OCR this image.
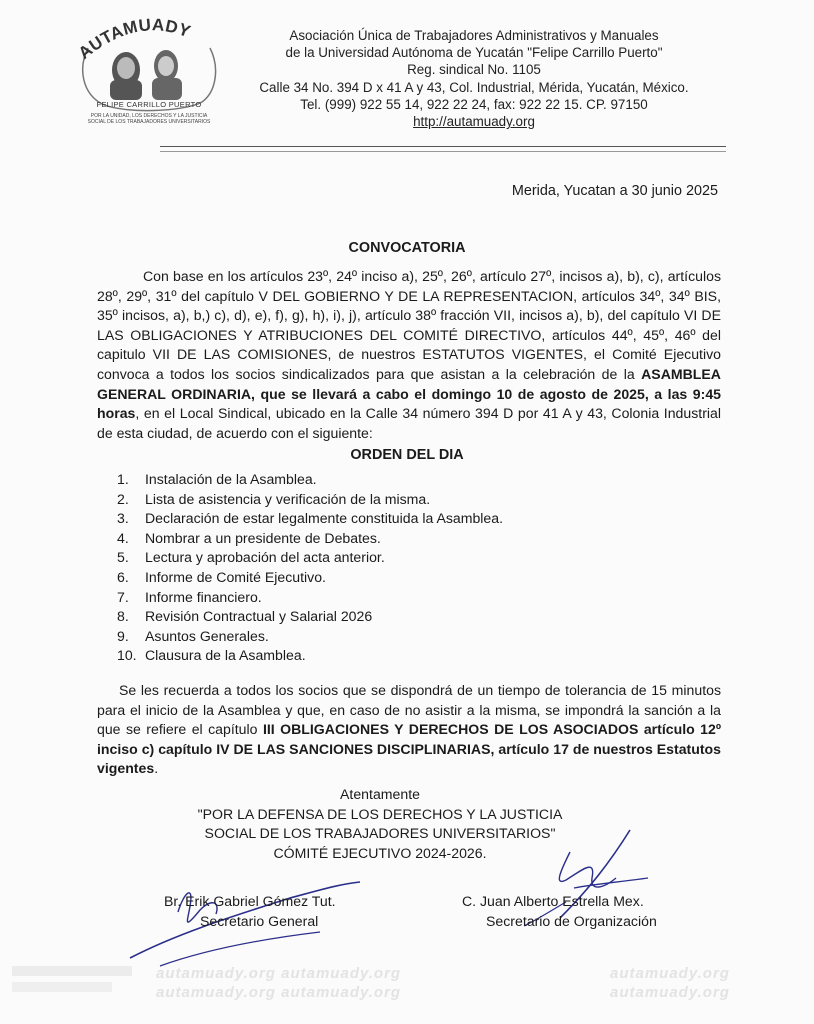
AUTAMUADY
FELIPE CARRILLO PUERTO
POR LA UNIDAD, LOS DERECHOS Y LA JUSTICIA SOCIAL DE LOS TRABAJADORES UNIVERSITARIOS
Asociación Única de Trabajadores Administrativos y Manuales
de la Universidad Autónoma de Yucatán "Felipe Carrillo Puerto"
Reg. sindical No. 1105
Calle 34 No. 394 D x 41 A y 43, Col. Industrial, Mérida, Yucatán, México.
Tel. (999) 922 55 14, 922 22 24, fax: 922 22 15. CP. 97150
http://autamuady.org
Merida, Yucatan a 30 junio 2025
CONVOCATORIA
Con base en los artículos 23º, 24º inciso a), 25º, 26º, artículo 27º, incisos a), b), c), artículos 28º, 29º, 31º del capítulo V DEL GOBIERNO Y DE LA REPRESENTACION, artículos 34º, 34º BIS, 35º incisos, a), b,) c), d), e), f), g), h), i), j), artículo 38º fracción VII, incisos a), b), del capítulo VI DE LAS OBLIGACIONES Y ATRIBUCIONES DEL COMITÉ DIRECTIVO, artículos 44º, 45º, 46º del capitulo VII DE LAS COMISIONES, de nuestros ESTATUTOS VIGENTES, el Comité Ejecutivo convoca a todos los socios sindicalizados para que asistan a la celebración de la ASAMBLEA GENERAL ORDINARIA, que se llevará a cabo el domingo 10 de agosto de 2025, a las 9:45 horas, en el Local Sindical, ubicado en la Calle 34 número 394 D por 41 A y 43, Colonia Industrial de esta ciudad, de acuerdo con el siguiente:
ORDEN DEL DIA
1. Instalación de la Asamblea.
2. Lista de asistencia y verificación de la misma.
3. Declaración de estar legalmente constituida la Asamblea.
4. Nombrar a un presidente de Debates.
5. Lectura y aprobación del acta anterior.
6. Informe de Comité Ejecutivo.
7. Informe financiero.
8. Revisión Contractual y Salarial 2026
9. Asuntos Generales.
10. Clausura de la Asamblea.
Se les recuerda a todos los socios que se dispondrá de un tiempo de tolerancia de 15 minutos para el inicio de la Asamblea y que, en caso de no asistir a la misma, se impondrá la sanción a la que se refiere el capítulo III OBLIGACIONES Y DERECHOS DE LOS ASOCIADOS artículo 12º inciso c) capítulo IV DE LAS SANCIONES DISCIPLINARIAS, artículo 17 de nuestros Estatutos vigentes.
Atentamente
"POR LA DEFENSA DE LOS DERECHOS Y LA JUSTICIA
SOCIAL DE LOS TRABAJADORES UNIVERSITARIOS"
CÓMITÉ EJECUTIVO 2024-2026.
Br. Erik Gabriel Gómez Tut.
Secretario General
C. Juan Alberto Estrella Mex.
Secretario de Organización
autamuady.org autamuady.org
autamuady.org autamuady.org
autamuady.org
autamuady.org
